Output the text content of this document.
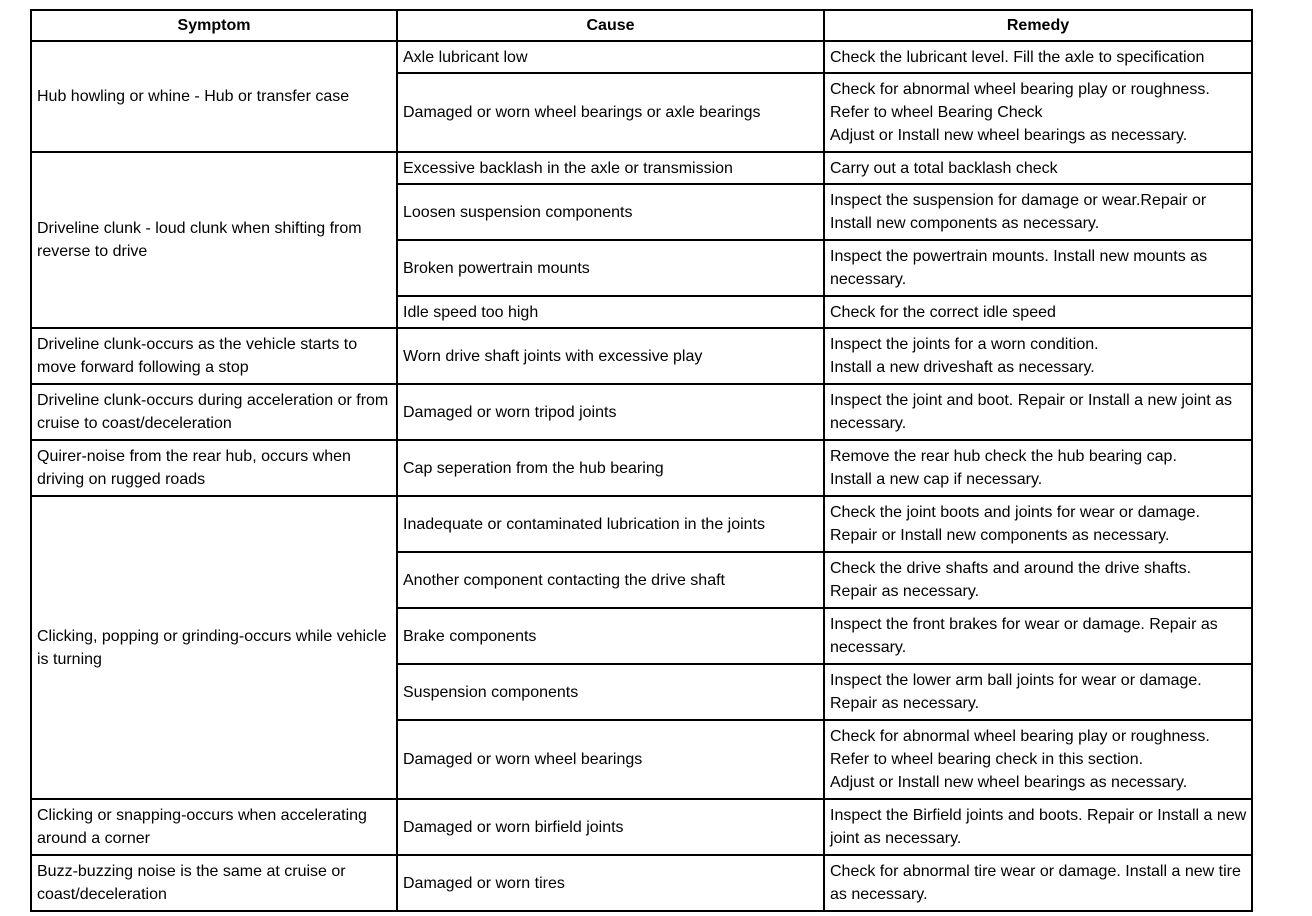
Symptom	Cause	Remedy
Hub howling or whine - Hub or transfer case	Axle lubricant low	Check the lubricant level. Fill the axle to specification

	Damaged or worn wheel bearings or axle bearings	Check for abnormal wheel bearing play or roughness.
Refer to wheel Bearing Check
Adjust or Install new wheel bearings as necessary.

Driveline clunk - loud clunk when shifting from reverse to drive	Excessive backlash in the axle or transmission	Carry out a total backlash check

	Loosen suspension components	Inspect the suspension for damage or wear.Repair or Install new components as necessary.

	Broken powertrain mounts	Inspect the powertrain mounts. Install new mounts as necessary.

	Idle speed too high	Check for the correct idle speed

Driveline clunk-occurs as the vehicle starts to move forward following a stop	Worn drive shaft joints with excessive play	Inspect the joints for a worn condition.
Install a new driveshaft as necessary.

Driveline clunk-occurs during acceleration or from cruise to coast/deceleration	Damaged or worn tripod joints	Inspect the joint and boot. Repair or Install a new joint as necessary.

Quirer-noise from the rear hub, occurs when driving on rugged roads	Cap seperation from the hub bearing	Remove the rear hub check the hub bearing cap.
Install a new cap if necessary.

Clicking, popping or grinding-occurs while vehicle is turning	Inadequate or contaminated lubrication in the joints	Check the joint boots and joints for wear or damage.
Repair or Install new components as necessary.

	Another component contacting the drive shaft	Check the drive shafts and around the drive shafts.
Repair as necessary.

	Brake components	Inspect the front brakes for wear or damage. Repair as necessary.

	Suspension components	Inspect the lower arm ball joints for wear or damage.
Repair as necessary.

	Damaged or worn wheel bearings	Check for abnormal wheel bearing play or roughness.
Refer to wheel bearing check in this section.
Adjust or Install new wheel bearings as necessary.

Clicking or snapping-occurs when accelerating around a corner	Damaged or worn birfield joints	Inspect the Birfield joints and boots. Repair or Install a new joint as necessary.

Buzz-buzzing noise is the same at cruise or coast/deceleration	Damaged or worn tires	Check for abnormal tire wear or damage. Install a new tire as necessary.
